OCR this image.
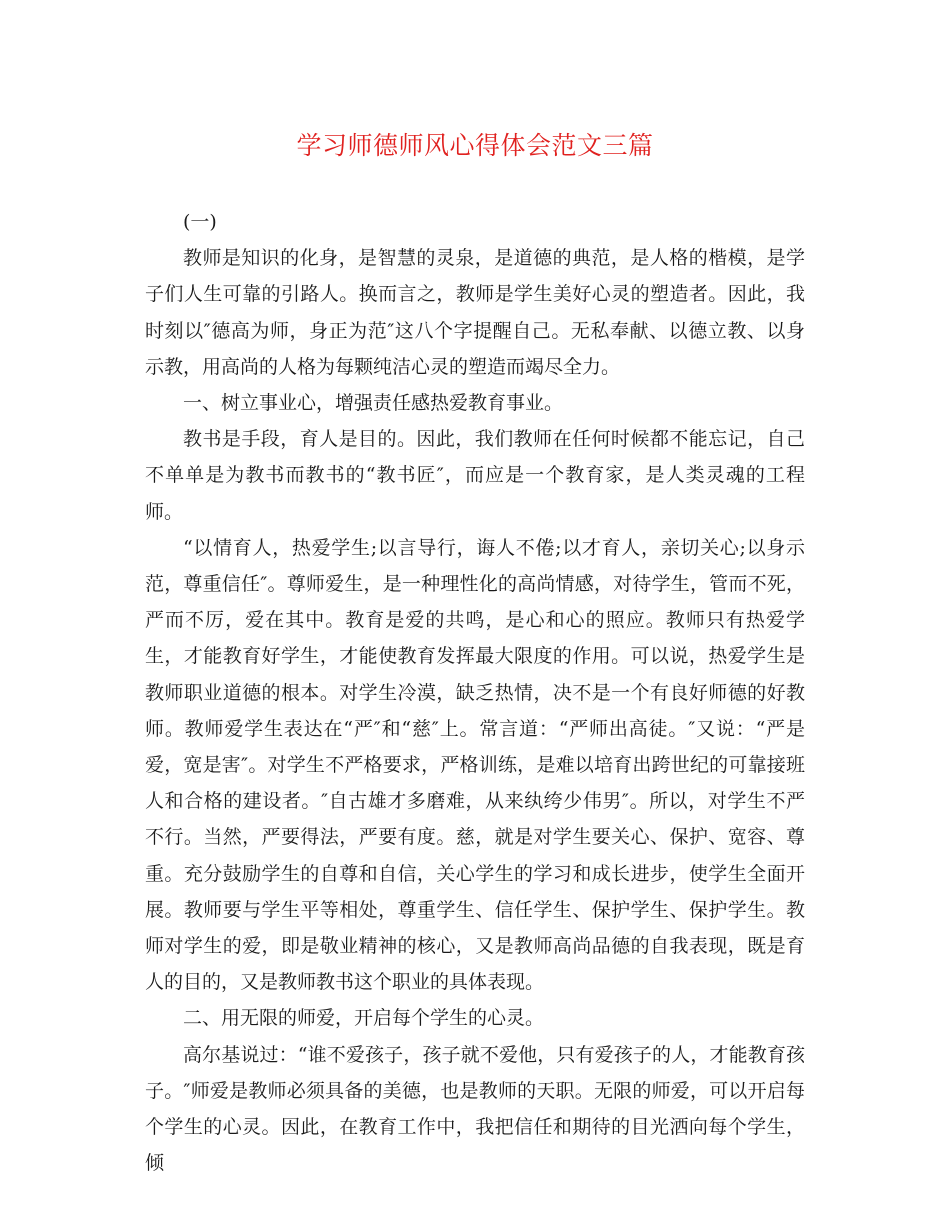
学习师德师风心得体会范文三篇

(一)

教师是知识的化身，是智慧的灵泉，是道德的典范，是人格的楷模，是学子们人生可靠的引路人。换而言之，教师是学生美好心灵的塑造者。因此，我时刻以″德高为师，身正为范″这八个字提醒自己。无私奉献、以德立教、以身示教，用高尚的人格为每颗纯洁心灵的塑造而竭尽全力。

一、树立事业心，增强责任感热爱教育事业。

教书是手段，育人是目的。因此，我们教师在任何时候都不能忘记，自己不单单是为教书而教书的“教书匠″，而应是一个教育家，是人类灵魂的工程师。

“以情育人，热爱学生;以言导行，诲人不倦;以才育人，亲切关心;以身示范，尊重信任″。尊师爱生，是一种理性化的高尚情感，对待学生，管而不死，严而不厉，爱在其中。教育是爱的共鸣，是心和心的照应。教师只有热爱学生，才能教育好学生，才能使教育发挥最大限度的作用。可以说，热爱学生是教师职业道德的根本。对学生冷漠，缺乏热情，决不是一个有良好师德的好教师。教师爱学生表达在“严″和“慈″上。常言道：“严师出高徒。″又说：“严是爱，宽是害″。对学生不严格要求，严格训练，是难以培育出跨世纪的可靠接班人和合格的建设者。″自古雄才多磨难，从来纨绔少伟男″。所以，对学生不严不行。当然，严要得法，严要有度。慈，就是对学生要关心、保护、宽容、尊重。充分鼓励学生的自尊和自信，关心学生的学习和成长进步，使学生全面开展。教师要与学生平等相处，尊重学生、信任学生、保护学生、保护学生。教师对学生的爱，即是敬业精神的核心，又是教师高尚品德的自我表现，既是育人的目的，又是教师教书这个职业的具体表现。

二、用无限的师爱，开启每个学生的心灵。

高尔基说过：“谁不爱孩子，孩子就不爱他，只有爱孩子的人，才能教育孩子。″师爱是教师必须具备的美德，也是教师的天职。无限的师爱，可以开启每个学生的心灵。因此，在教育工作中，我把信任和期待的目光洒向每个学生，倾
